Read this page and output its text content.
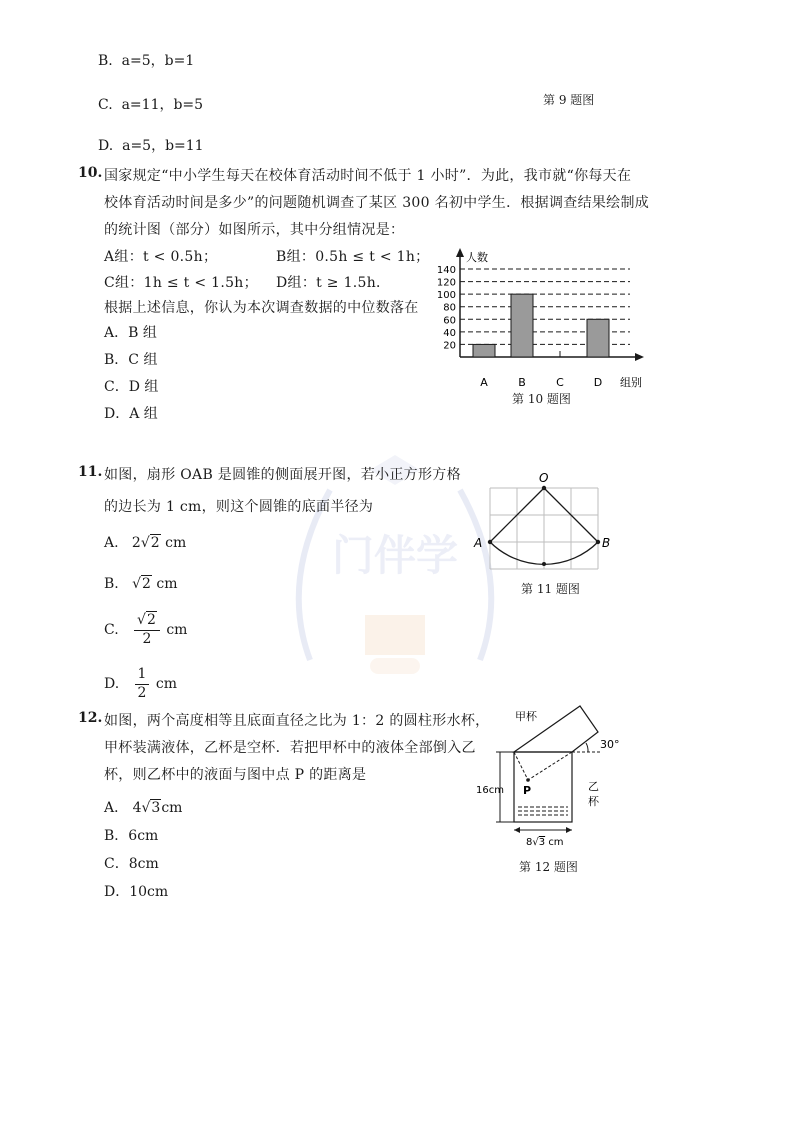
B. a=5，b=1
C. a=11，b=5	第 9 题图
D. a=5，b=11
10. 国家规定“中小学生每天在校体育活动时间不低于 1 小时”．为此，我市就“你每天在
校体育活动时间是多少”的问题随机调查了某区 300 名初中学生．根据调查结果绘制成
的统计图（部分）如图所示，其中分组情况是：
A组：t < 0.5h；	B组：0.5h ≤ t < 1h；
C组：1h ≤ t < 1.5h； D组：t ≥ 1.5h．
根据上述信息，你认为本次调查数据的中位数落在
A．B 组
B．C 组
C．D 组
D．A 组
人数
20
40
60
80
100
120
140
A	B	C	D 组别
第 10 题图
门伴学
11. 如图，扇形 OAB 是圆锥的侧面展开图，若小正方形方格
的边长为 1 cm，则这个圆锥的底面半径为
A. 2√2 cm
B.   √2 cm
C. $\frac{√2}{2}$ cm
D. $\frac{1}{2}$ cm
O
A	B
第 11 题图
12. 如图，两个高度相等且底面直径之比为 1：2 的圆柱形水杯，
甲杯装满液体，乙杯是空杯．若把甲杯中的液体全部倒入乙
杯，则乙杯中的液面与图中点 P 的距离是
A． 4√3cm
B．6cm
C．8cm
D．10cm
甲杯
乙
杯
30°
P
16cm
8√3 cm
第 12 题图
